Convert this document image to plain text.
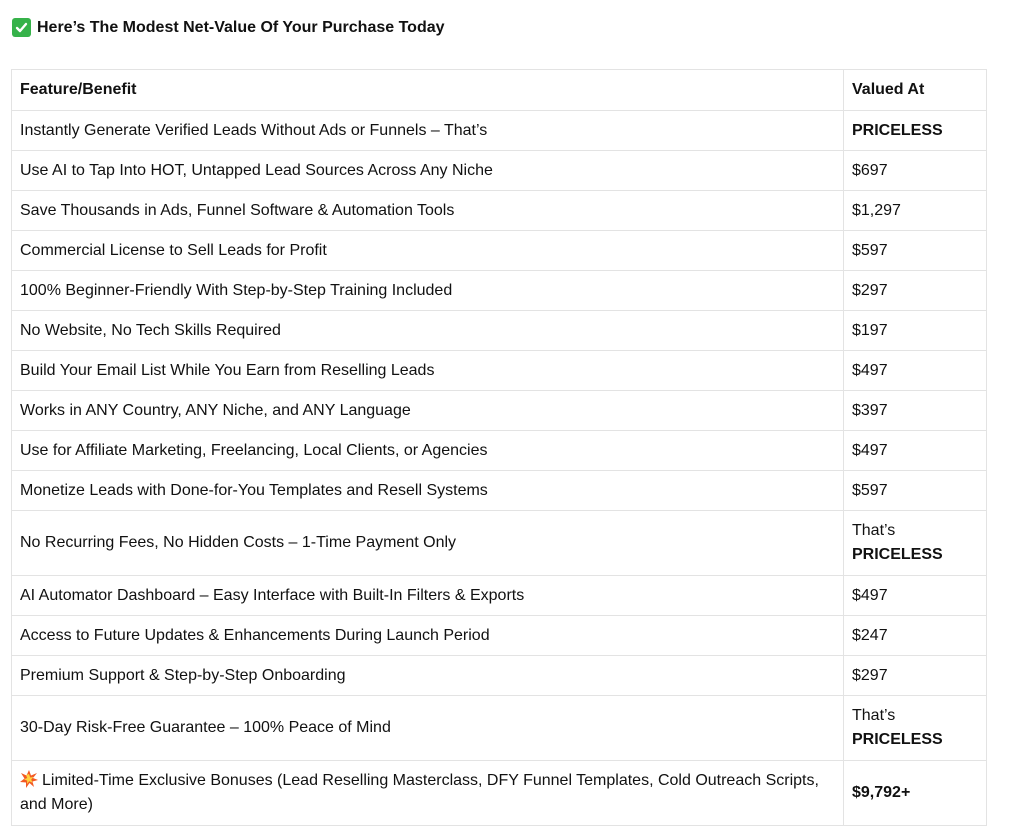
Here’s The Modest Net-Value Of Your Purchase Today
Feature/Benefit	Valued At
Instantly Generate Verified Leads Without Ads or Funnels – That’s	PRICELESS
Use AI to Tap Into HOT, Untapped Lead Sources Across Any Niche	$697
Save Thousands in Ads, Funnel Software & Automation Tools	$1,297
Commercial License to Sell Leads for Profit	$597
100% Beginner-Friendly With Step-by-Step Training Included	$297
No Website, No Tech Skills Required	$197
Build Your Email List While You Earn from Reselling Leads	$497
Works in ANY Country, ANY Niche, and ANY Language	$397
Use for Affiliate Marketing, Freelancing, Local Clients, or Agencies	$497
Monetize Leads with Done-for-You Templates and Resell Systems	$597
No Recurring Fees, No Hidden Costs – 1-Time Payment Only	That’s
PRICELESS
AI Automator Dashboard – Easy Interface with Built-In Filters & Exports	$497
Access to Future Updates & Enhancements During Launch Period	$247
Premium Support & Step-by-Step Onboarding	$297
30-Day Risk-Free Guarantee – 100% Peace of Mind	That’s
PRICELESS
Limited-Time Exclusive Bonuses (Lead Reselling Masterclass, DFY Funnel Templates, Cold Outreach Scripts, and More)	$9,792+
